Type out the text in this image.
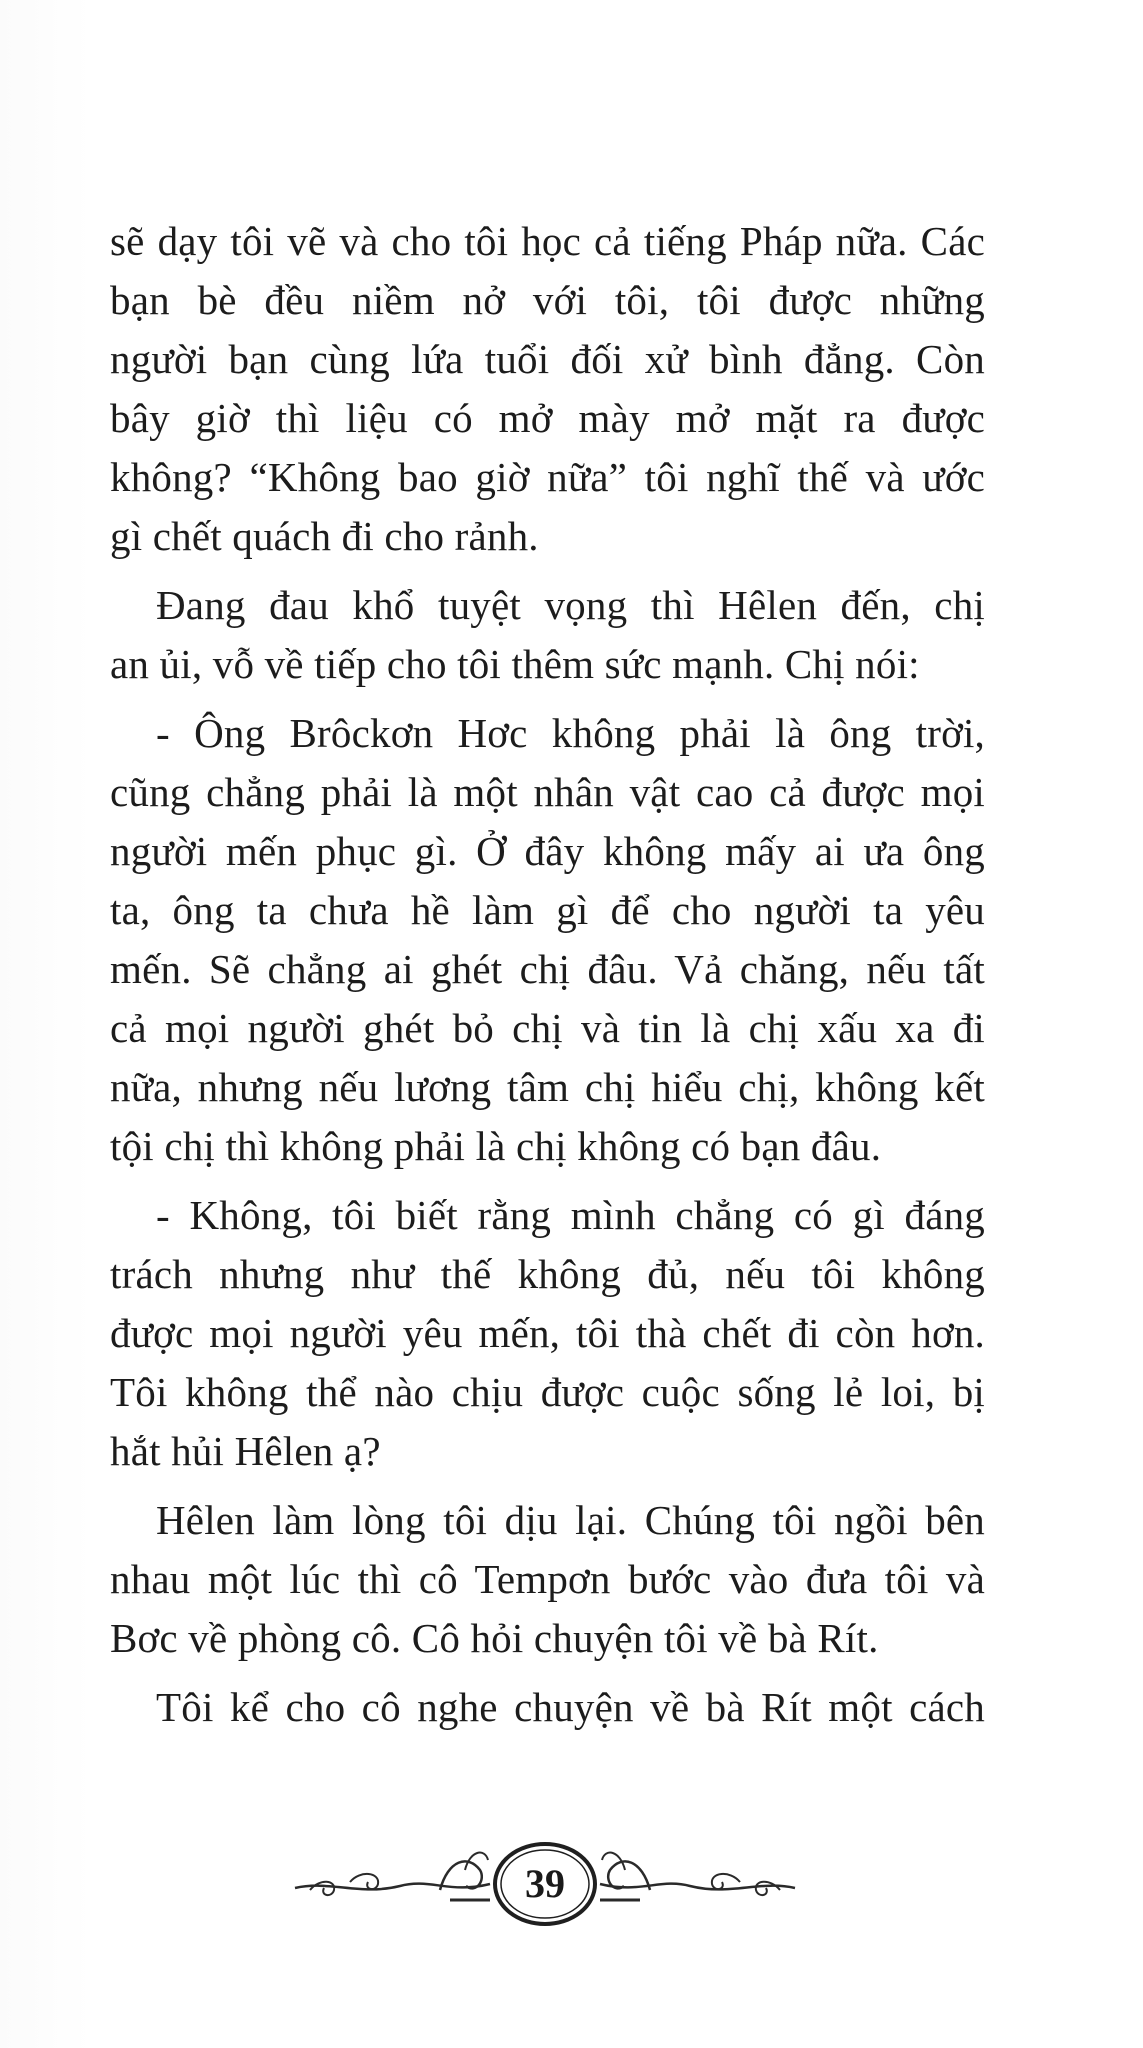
sẽ dạy tôi vẽ và cho tôi học cả tiếng Pháp nữa. Các
bạn bè đều niềm nở với tôi, tôi được những
người bạn cùng lứa tuổi đối xử bình đẳng. Còn
bây giờ thì liệu có mở mày mở mặt ra được
không? “Không bao giờ nữa” tôi nghĩ thế và ước
gì chết quách đi cho rảnh.

Đang đau khổ tuyệt vọng thì Hêlen đến, chị
an ủi, vỗ về tiếp cho tôi thêm sức mạnh. Chị nói:

- Ông Brôckơn Hơc không phải là ông trời,
cũng chẳng phải là một nhân vật cao cả được mọi
người mến phục gì. Ở đây không mấy ai ưa ông
ta, ông ta chưa hề làm gì để cho người ta yêu
mến. Sẽ chẳng ai ghét chị đâu. Vả chăng, nếu tất
cả mọi người ghét bỏ chị và tin là chị xấu xa đi
nữa, nhưng nếu lương tâm chị hiểu chị, không kết
tội chị thì không phải là chị không có bạn đâu.

- Không, tôi biết rằng mình chẳng có gì đáng
trách nhưng như thế không đủ, nếu tôi không
được mọi người yêu mến, tôi thà chết đi còn hơn.
Tôi không thể nào chịu được cuộc sống lẻ loi, bị
hắt hủi Hêlen ạ?

Hêlen làm lòng tôi dịu lại. Chúng tôi ngồi bên
nhau một lúc thì cô Tempơn bước vào đưa tôi và
Bơc về phòng cô. Cô hỏi chuyện tôi về bà Rít.

Tôi kể cho cô nghe chuyện về bà Rít một cách

39
